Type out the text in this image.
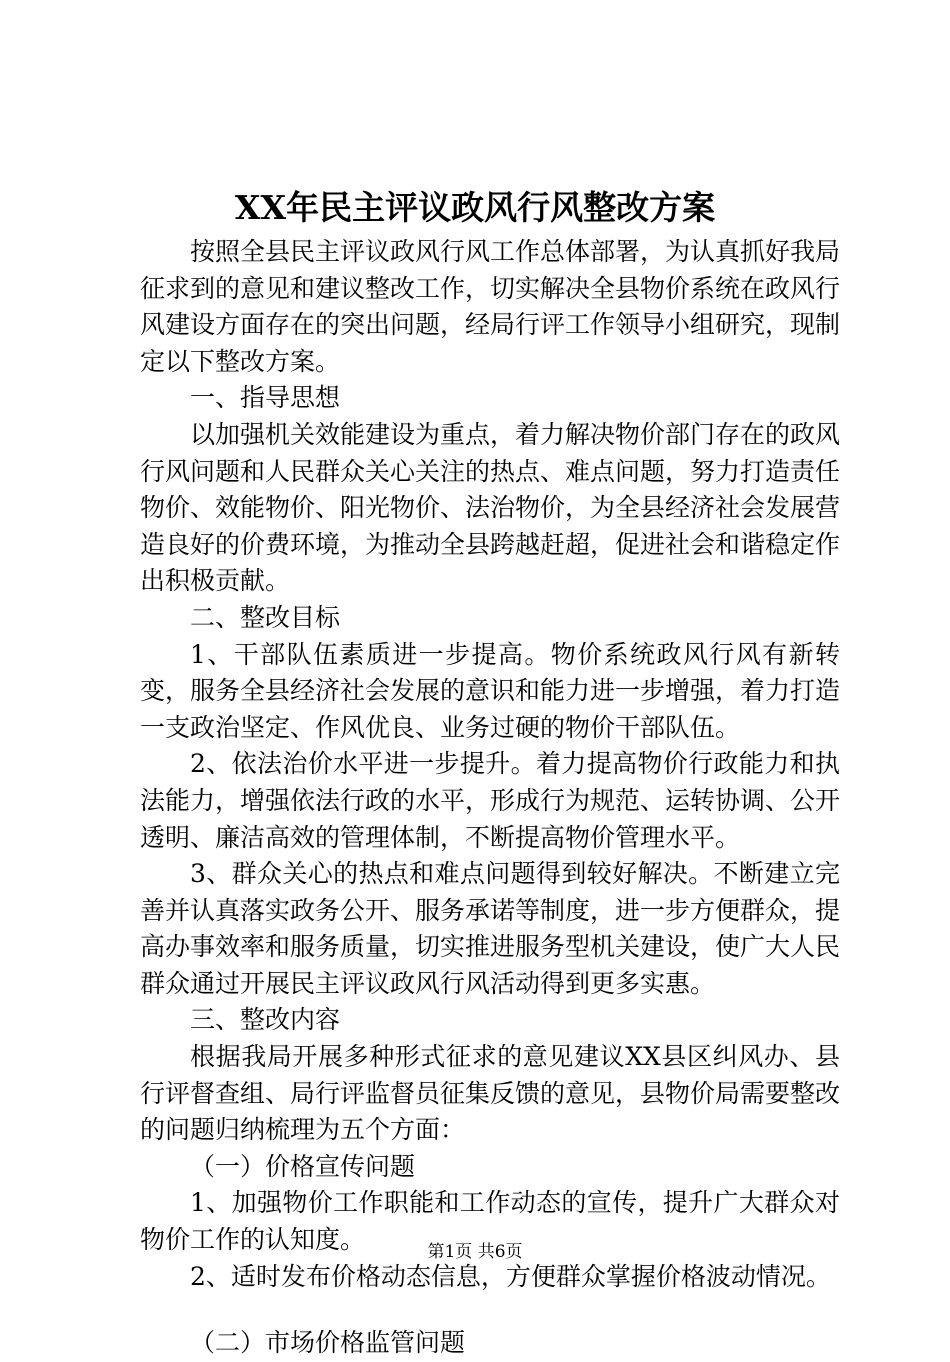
XX年民主评议政风行风整改方案

按照全县民主评议政风行风工作总体部署，为认真抓好我局征求到的意见和建议整改工作，切实解决全县物价系统在政风行风建设方面存在的突出问题，经局行评工作领导小组研究，现制定以下整改方案。

一、指导思想

以加强机关效能建设为重点，着力解决物价部门存在的政风行风问题和人民群众关心关注的热点、难点问题，努力打造责任物价、效能物价、阳光物价、法治物价，为全县经济社会发展营造良好的价费环境，为推动全县跨越赶超，促进社会和谐稳定作出积极贡献。

二、整改目标

1、干部队伍素质进一步提高。物价系统政风行风有新转变，服务全县经济社会发展的意识和能力进一步增强，着力打造一支政治坚定、作风优良、业务过硬的物价干部队伍。

2、依法治价水平进一步提升。着力提高物价行政能力和执法能力，增强依法行政的水平，形成行为规范、运转协调、公开透明、廉洁高效的管理体制，不断提高物价管理水平。

3、群众关心的热点和难点问题得到较好解决。不断建立完善并认真落实政务公开、服务承诺等制度，进一步方便群众，提高办事效率和服务质量，切实推进服务型机关建设，使广大人民群众通过开展民主评议政风行风活动得到更多实惠。

三、整改内容

根据我局开展多种形式征求的意见建议XX县区纠风办、县行评督查组、局行评监督员征集反馈的意见，县物价局需要整改的问题归纳梳理为五个方面：

（一）价格宣传问题

1、加强物价工作职能和工作动态的宣传，提升广大群众对物价工作的认知度。

2、适时发布价格动态信息，方便群众掌握价格波动情况。

（二）市场价格监管问题

第1页 共6页
